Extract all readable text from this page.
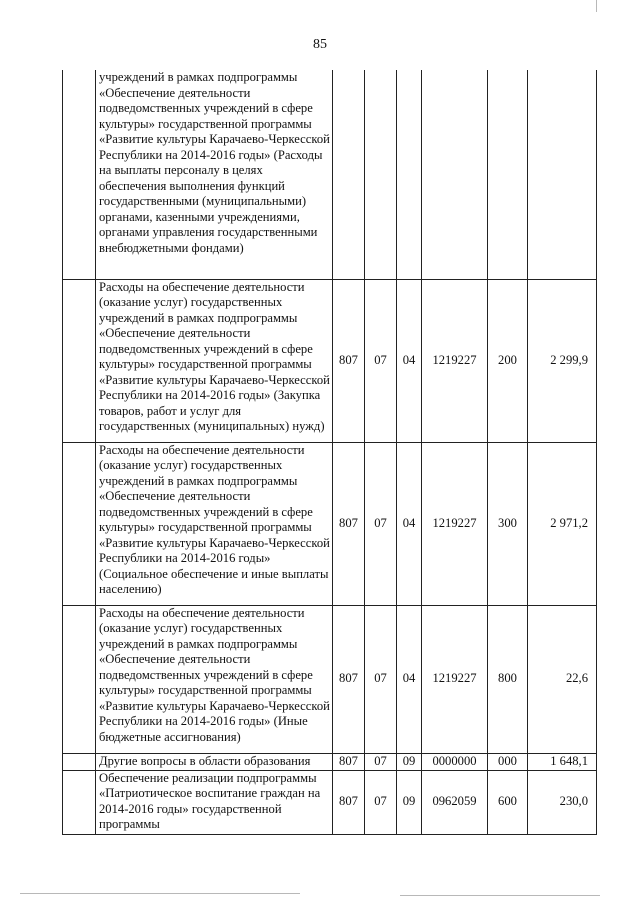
85
	учреждений в рамках подпрограммы «Обеспечение деятельности подведомственных учреждений в сфере культуры» государственной программы «Развитие культуры Карачаево-Черкесской Республики на 2014-2016 годы» (Расходы на выплаты персоналу в целях обеспечения выполнения функций государственными (муниципальными) органами, казенными учреждениями, органами управления государственными внебюджетными фондами)						
	Расходы на обеспечение деятельности (оказание услуг) государственных учреждений в рамках подпрограммы «Обеспечение деятельности подведомственных учреждений в сфере культуры» государственной программы «Развитие культуры Карачаево-Черкесской Республики на 2014-2016 годы» (Закупка товаров, работ и услуг для государственных (муниципальных) нужд)	807	07	04	1219227	200	2 299,9
	Расходы на обеспечение деятельности (оказание услуг) государственных учреждений в рамках подпрограммы «Обеспечение деятельности подведомственных учреждений в сфере культуры» государственной программы «Развитие культуры Карачаево-Черкесской Республики на 2014-2016 годы» (Социальное обеспечение и иные выплаты населению)	807	07	04	1219227	300	2 971,2
	Расходы на обеспечение деятельности (оказание услуг) государственных учреждений в рамках подпрограммы «Обеспечение деятельности подведомственных учреждений в сфере культуры» государственной программы «Развитие культуры Карачаево-Черкесской Республики на 2014-2016 годы» (Иные бюджетные ассигнования)	807	07	04	1219227	800	22,6
	Другие вопросы в области образования	807	07	09	0000000	000	1 648,1
	Обеспечение реализации подпрограммы «Патриотическое воспитание граждан на 2014-2016 годы» государственной программы	807	07	09	0962059	600	230,0
